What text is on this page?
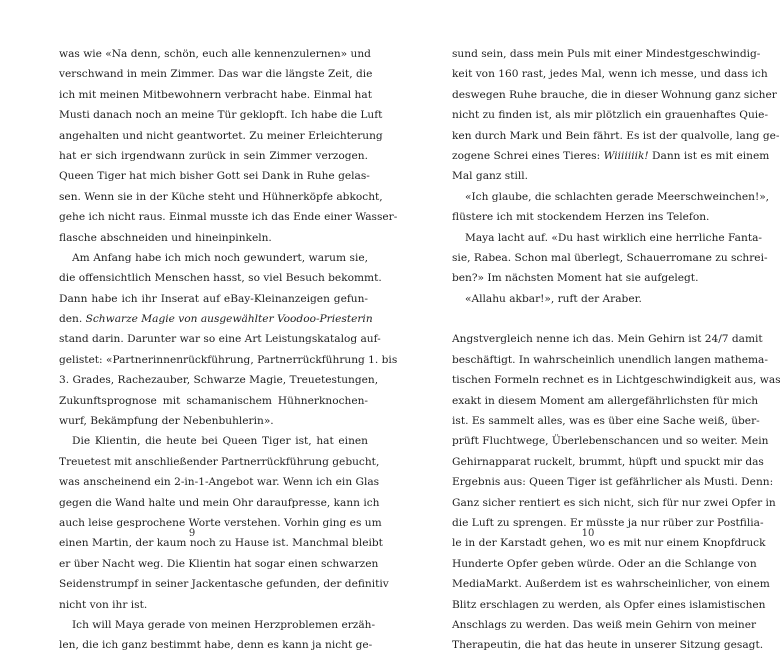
was wie «Na denn, schön, euch alle kennenzulernen» und
verschwand in mein Zimmer. Das war die längste Zeit, die
ich mit meinen Mitbewohnern verbracht habe. Einmal hat
Musti danach noch an meine Tür geklopft. Ich habe die Luft
angehalten und nicht geantwortet. Zu meiner Erleichterung
hat er sich irgendwann zurück in sein Zimmer verzogen.
Queen Tiger hat mich bisher Gott sei Dank in Ruhe gelas-
sen. Wenn sie in der Küche steht und Hühnerköpfe abkocht,
gehe ich nicht raus. Einmal musste ich das Ende einer Wasser-
flasche abschneiden und hineinpinkeln.
Am Anfang habe ich mich noch gewundert, warum sie,
die offensichtlich Menschen hasst, so viel Besuch bekommt.
Dann habe ich ihr Inserat auf eBay-Kleinanzeigen gefun-
den. Schwarze Magie von ausgewählter Voodoo-Priesterin
stand darin. Darunter war so eine Art Leistungskatalog auf-
gelistet: «Partnerinnenrückführung, Partnerrückführung 1. bis
3. Grades, Rachezauber, Schwarze Magie, Treuetestungen,
Zukunftsprognose mit schamanischem Hühnerknochen-
wurf, Bekämpfung der Nebenbuhlerin».
Die Klientin, die heute bei Queen Tiger ist, hat einen
Treuetest mit anschließender Partnerrückführung gebucht,
was anscheinend ein 2-in-1-Angebot war. Wenn ich ein Glas
gegen die Wand halte und mein Ohr daraufpresse, kann ich
auch leise gesprochene Worte verstehen. Vorhin ging es um
einen Martin, der kaum noch zu Hause ist. Manchmal bleibt
er über Nacht weg. Die Klientin hat sogar einen schwarzen
Seidenstrumpf in seiner Jackentasche gefunden, der definitiv
nicht von ihr ist.
Ich will Maya gerade von meinen Herzproblemen erzäh-
len, die ich ganz bestimmt habe, denn es kann ja nicht ge-
sund sein, dass mein Puls mit einer Mindestgeschwindig-
keit von 160 rast, jedes Mal, wenn ich messe, und dass ich
deswegen Ruhe brauche, die in dieser Wohnung ganz sicher
nicht zu finden ist, als mir plötzlich ein grauenhaftes Quie-
ken durch Mark und Bein fährt. Es ist der qualvolle, lang ge-
zogene Schrei eines Tieres: Wiiiiiiik! Dann ist es mit einem
Mal ganz still.
«Ich glaube, die schlachten gerade Meerschweinchen!»,
flüstere ich mit stockendem Herzen ins Telefon.
Maya lacht auf. «Du hast wirklich eine herrliche Fanta-
sie, Rabea. Schon mal überlegt, Schauerromane zu schrei-
ben?» Im nächsten Moment hat sie aufgelegt.
«Allahu akbar!», ruft der Araber.
Angstvergleich nenne ich das. Mein Gehirn ist 24/7 damit
beschäftigt. In wahrscheinlich unendlich langen mathema-
tischen Formeln rechnet es in Lichtgeschwindigkeit aus, was
exakt in diesem Moment am allergefährlichsten für mich
ist. Es sammelt alles, was es über eine Sache weiß, über-
prüft Fluchtwege, Überlebenschancen und so weiter. Mein
Gehirnapparat ruckelt, brummt, hüpft und spuckt mir das
Ergebnis aus: Queen Tiger ist gefährlicher als Musti. Denn:
Ganz sicher rentiert es sich nicht, sich für nur zwei Opfer in
die Luft zu sprengen. Er müsste ja nur rüber zur Postfilia-
le in der Karstadt gehen, wo es mit nur einem Knopfdruck
Hunderte Opfer geben würde. Oder an die Schlange von
MediaMarkt. Außerdem ist es wahrscheinlicher, von einem
Blitz erschlagen zu werden, als Opfer eines islamistischen
Anschlags zu werden. Das weiß mein Gehirn von meiner
Therapeutin, die hat das heute in unserer Sitzung gesagt.
9	10
